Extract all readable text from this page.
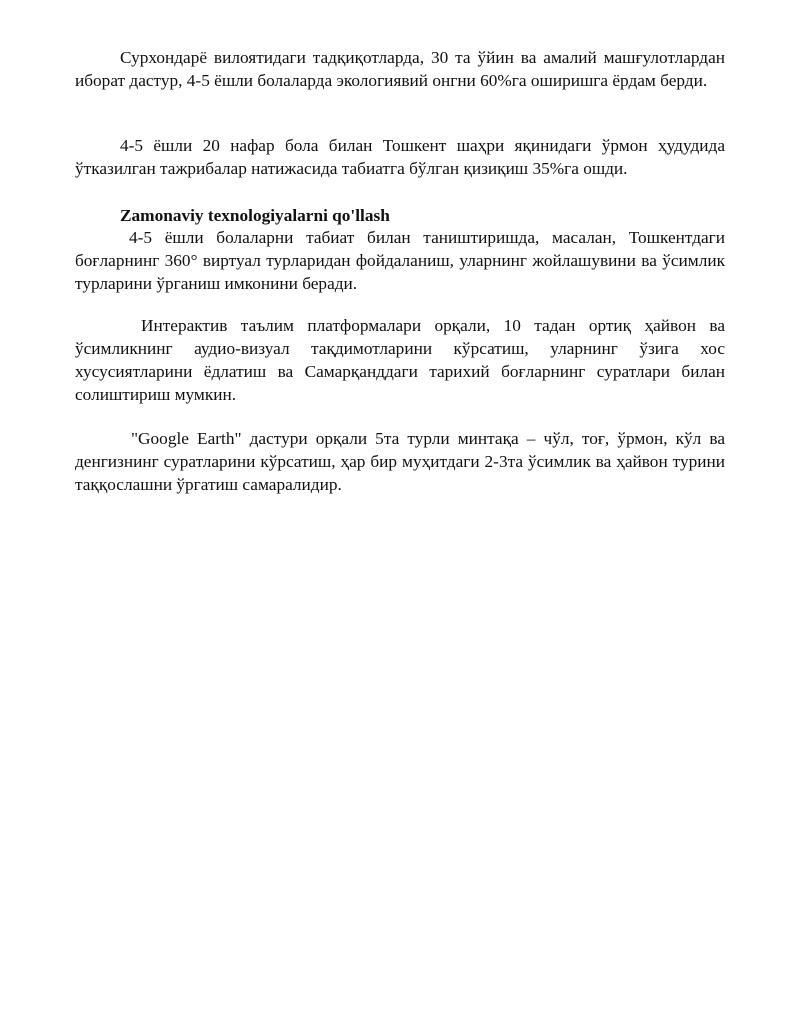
Сурхондарё вилоятидаги тадқиқотларда, 30 та ўйин ва амалий машғулотлардан иборат дастур, 4-5 ёшли болаларда экологиявий онгни 60%га оширишга ёрдам берди.

4-5 ёшли 20 нафар бола билан Тошкент шаҳри яқинидаги ўрмон ҳудудида ўтказилган тажрибалар натижасида табиатга бўлган қизиқиш 35%га ошди.

Zamonaviy texnologiyalarni qo'llash

4-5 ёшли болаларни табиат билан таништиришда, масалан, Тошкентдаги боғларнинг 360° виртуал турларидан фойдаланиш, уларнинг жойлашувини ва ўсимлик турларини ўрганиш имконини беради.

Интерактив таълим платформалари орқали, 10 тадан ортиқ ҳайвон ва ўсимликнинг аудио-визуал тақдимотларини кўрсатиш, уларнинг ўзига хос хусусиятларини ёдлатиш ва Самарқанддаги тарихий боғларнинг суратлари билан солиштириш мумкин.

"Google Earth" дастури орқали 5та турли минтақа – чўл, тоғ, ўрмон, кўл ва денгизнинг суратларини кўрсатиш, ҳар бир муҳитдаги 2-3та ўсимлик ва ҳайвон турини таққослашни ўргатиш самаралидир.
